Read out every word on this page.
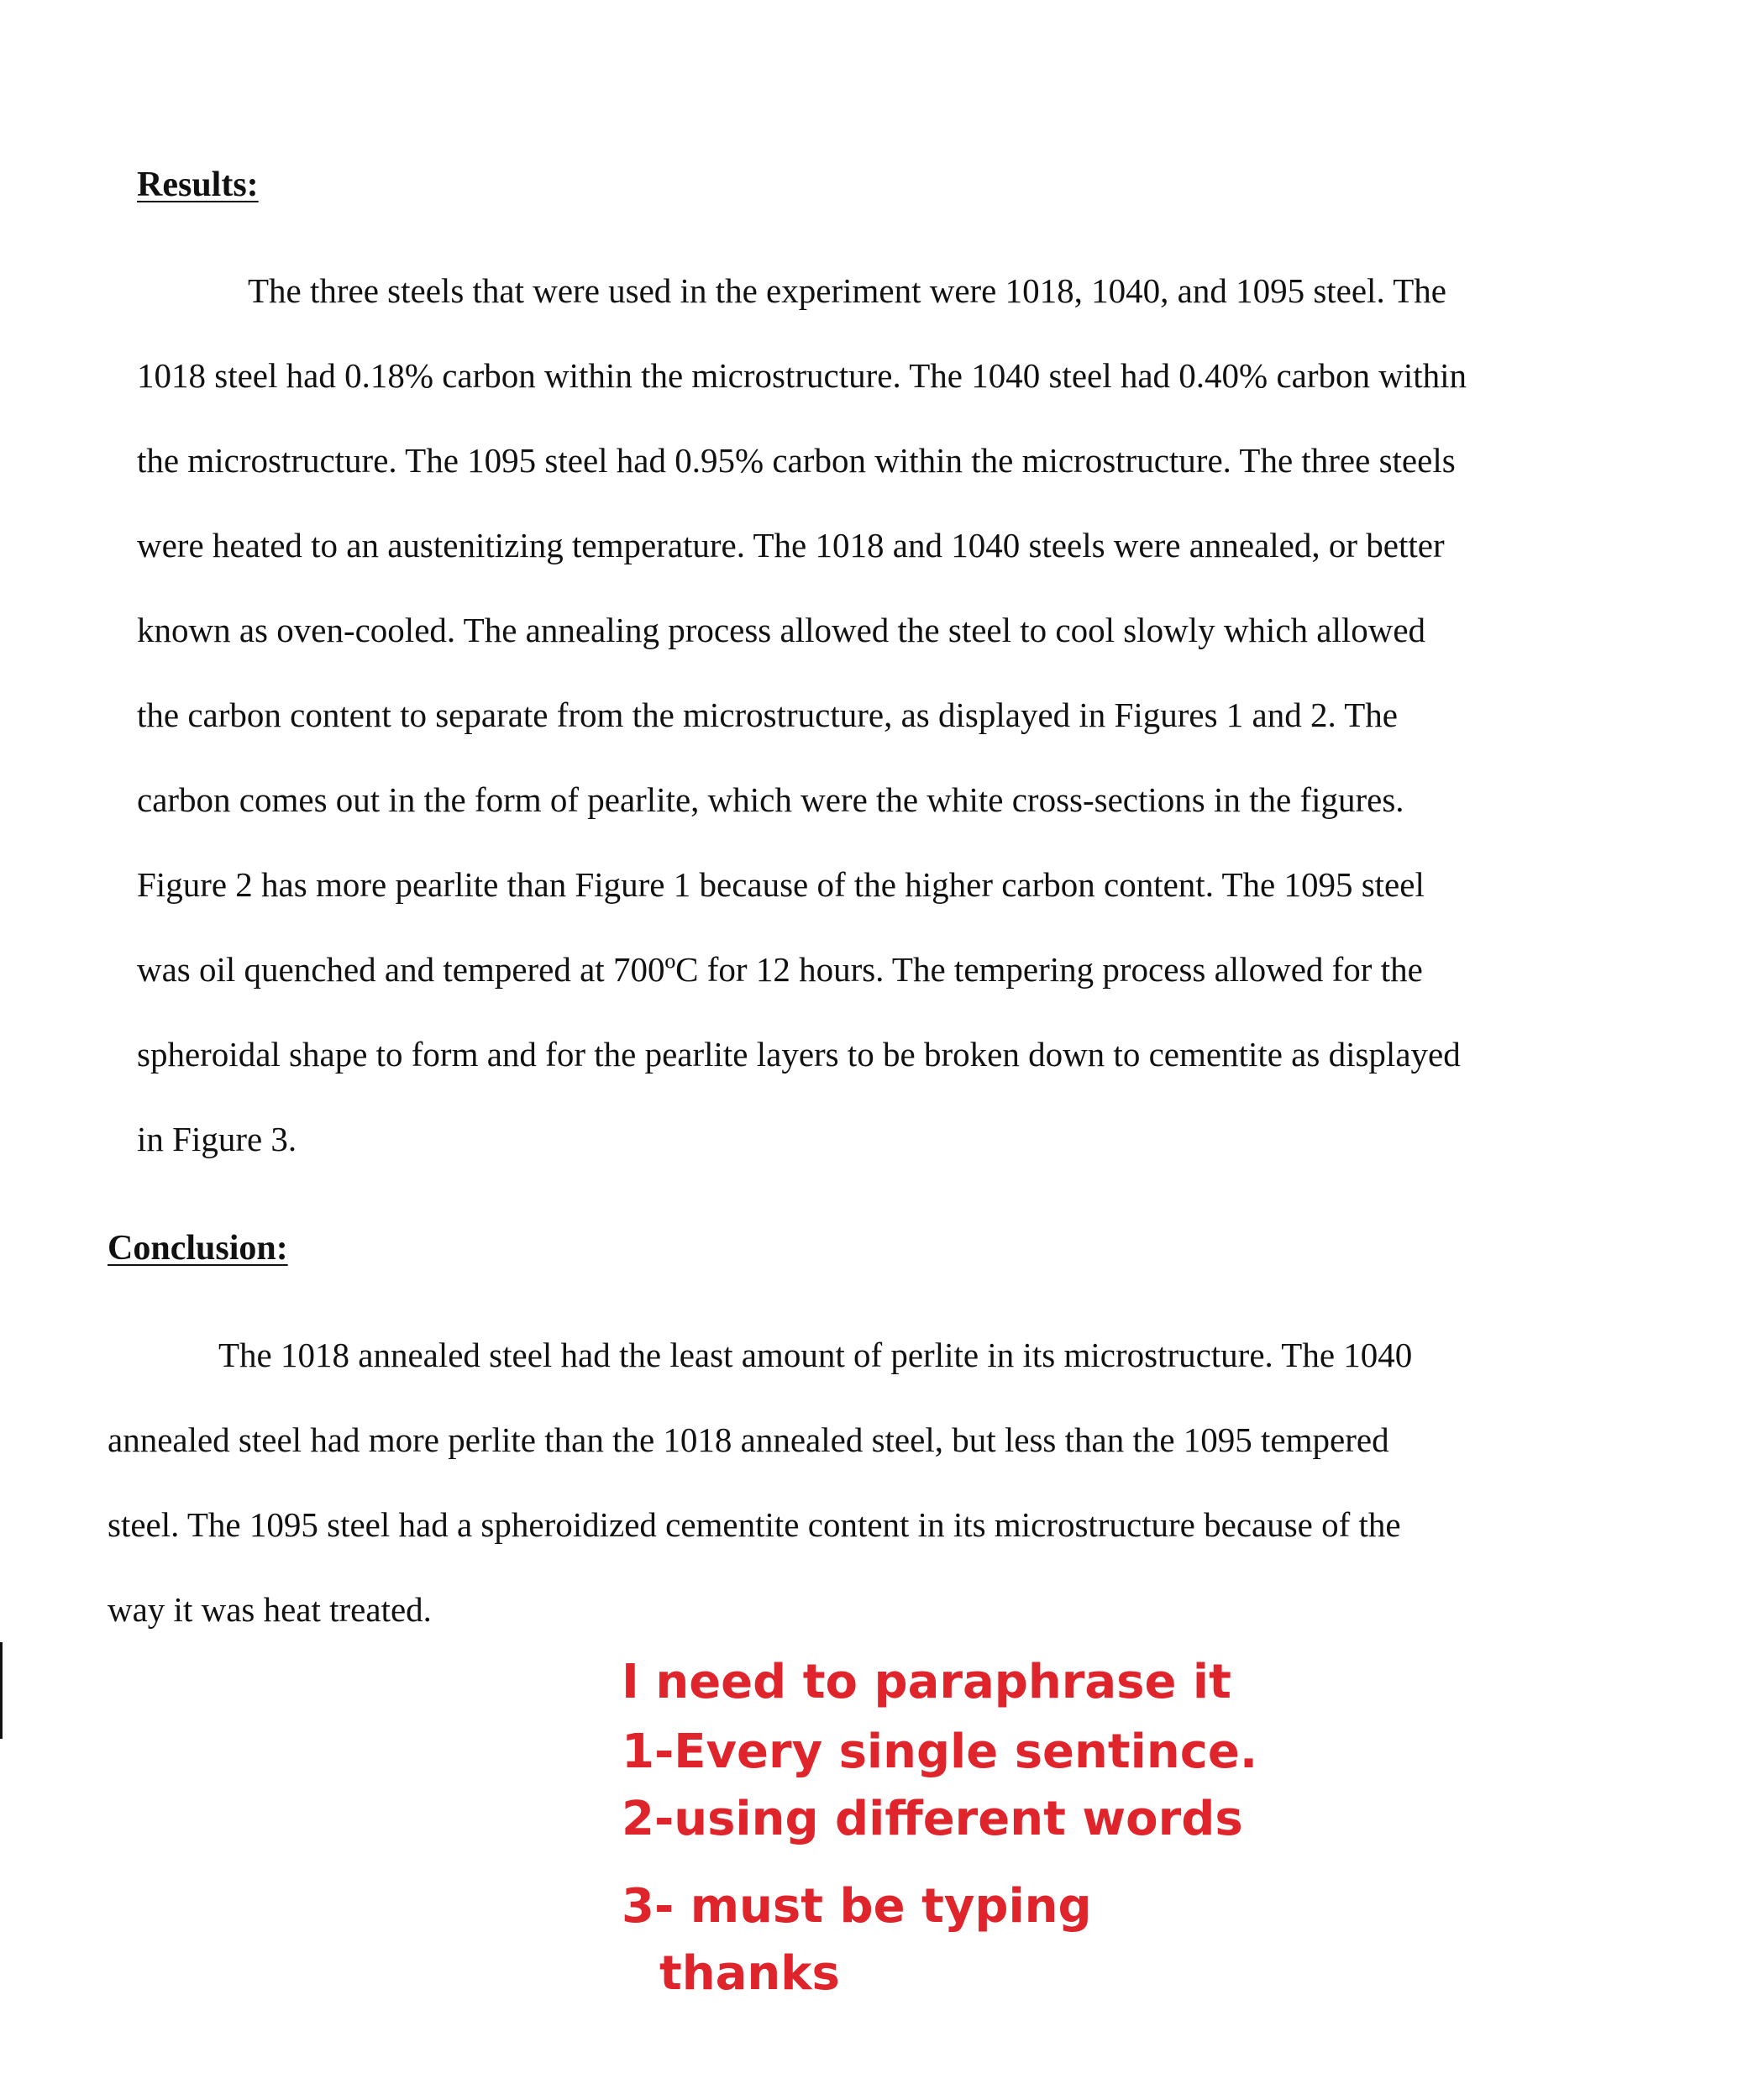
Results:

The three steels that were used in the experiment were 1018, 1040, and 1095 steel. The

1018 steel had 0.18% carbon within the microstructure. The 1040 steel had 0.40% carbon within

the microstructure. The 1095 steel had 0.95% carbon within the microstructure. The three steels

were heated to an austenitizing temperature. The 1018 and 1040 steels were annealed, or better

known as oven-cooled. The annealing process allowed the steel to cool slowly which allowed

the carbon content to separate from the microstructure, as displayed in Figures 1 and 2. The

carbon comes out in the form of pearlite, which were the white cross-sections in the figures.

Figure 2 has more pearlite than Figure 1 because of the higher carbon content. The 1095 steel

was oil quenched and tempered at 700ºC for 12 hours. The tempering process allowed for the

spheroidal shape to form and for the pearlite layers to be broken down to cementite as displayed

in Figure 3.

Conclusion:

The 1018 annealed steel had the least amount of perlite in its microstructure. The 1040

annealed steel had more perlite than the 1018 annealed steel, but less than the 1095 tempered

steel. The 1095 steel had a spheroidized cementite content in its microstructure because of the

way it was heat treated.

I need to paraphrase it

1-Every single sentince.

2-using different words

3- must be typing

thanks
